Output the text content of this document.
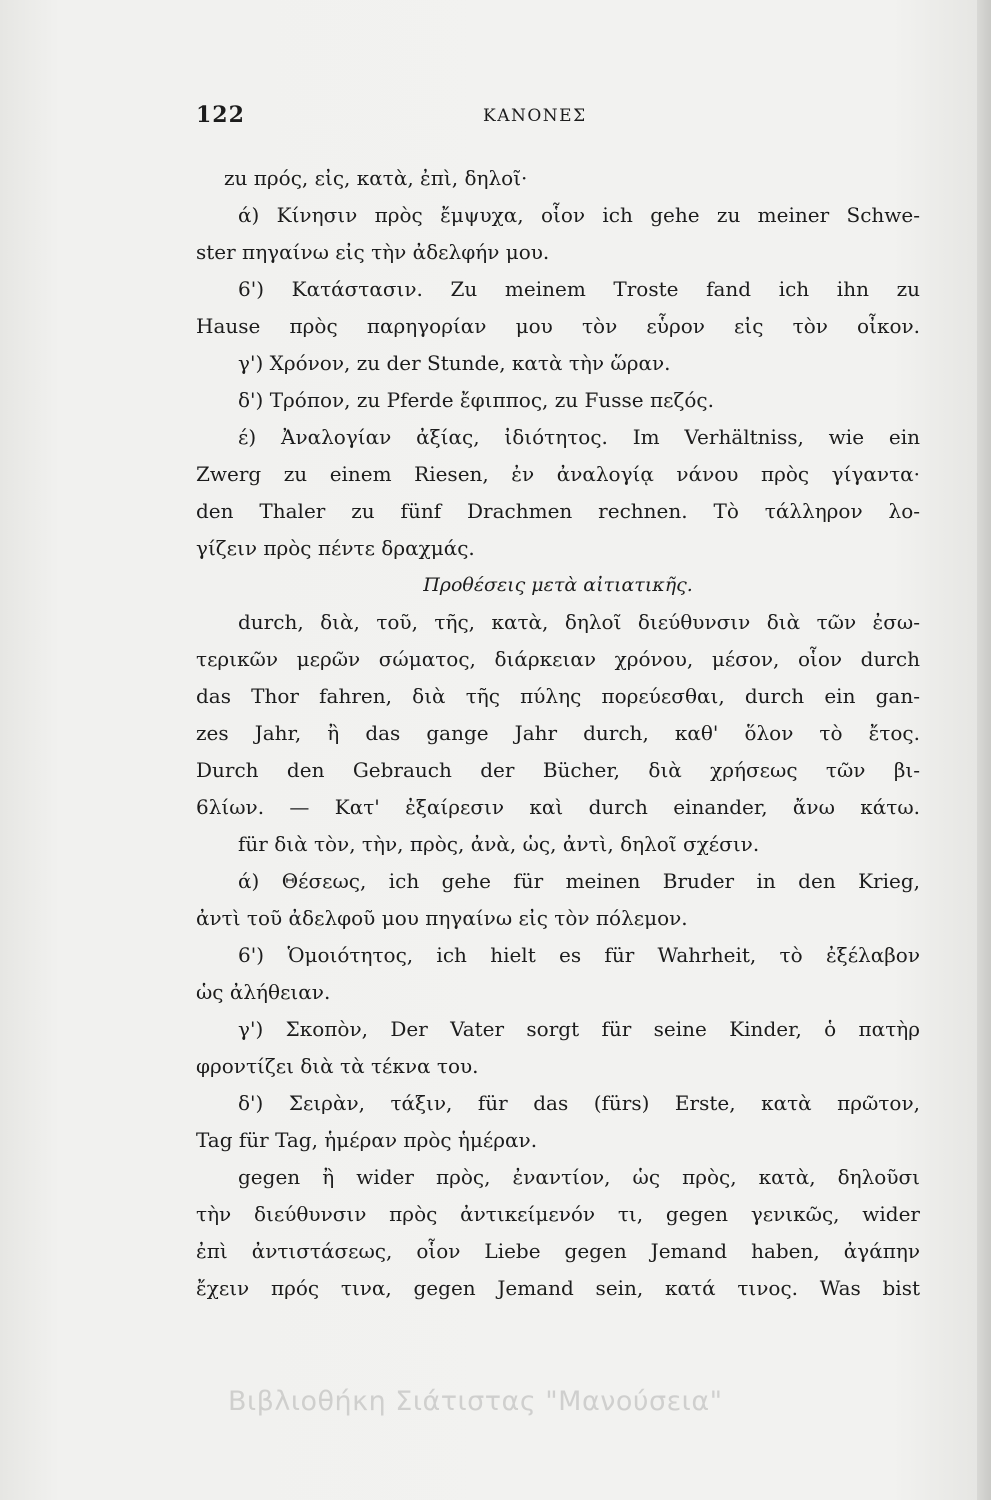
122	ΚΑΝΟΝΕΣ
zu πρός, εἰς, κατὰ, ἐπὶ, δηλοῖ·
ά) Κίνησιν πρὸς ἔμψυχα, οἷον ich gehe zu meiner Schwe-
ster πηγαίνω εἰς τὴν ἀδελφήν μου.
6') Κατάστασιν. Zu meinem Troste fand ich ihn zu
Hause πρὸς παρηγορίαν μου τὸν εὗρον εἰς τὸν οἶκον.
γ') Χρόνον, zu der Stunde, κατὰ τὴν ὥραν.
δ') Τρόπον, zu Pferde ἔφιππος, zu Fusse πεζός.
έ) Ἀναλογίαν ἀξίας, ἰδιότητος. Im Verhältniss, wie ein
Zwerg zu einem Riesen, ἐν ἀναλογίᾳ νάνου πρὸς γίγαντα·
den Thaler zu fünf Drachmen rechnen. Τὸ τάλληρον λο-
γίζειν πρὸς πέντε δραχμάς.
Προθέσεις μετὰ αἰτιατικῆς.
durch, διὰ, τοῦ, τῆς, κατὰ, δηλοῖ διεύθυνσιν διὰ τῶν ἐσω-
τερικῶν μερῶν σώματος, διάρκειαν χρόνου, μέσον, οἷον durch
das Thor fahren, διὰ τῆς πύλης πορεύεσθαι, durch ein gan-
zes Jahr, ἢ das gange Jahr durch, καθ' ὅλον τὸ ἔτος.
Durch den Gebrauch der Bücher, διὰ χρήσεως τῶν βι-
6λίων. — Κατ' ἐξαίρεσιν καὶ durch einander, ἄνω κάτω.
für διὰ τὸν, τὴν, πρὸς, ἀνὰ, ὡς, ἀντὶ, δηλοῖ σχέσιν.
ά) Θέσεως, ich gehe für meinen Bruder in den Krieg,
ἀντὶ τοῦ ἀδελφοῦ μου πηγαίνω εἰς τὸν πόλεμον.
6') Ὁμοιότητος, ich hielt es für Wahrheit, τὸ ἐξέλαβον
ὡς ἀλήθειαν.
γ') Σκοπὸν, Der Vater sorgt für seine Kinder, ὁ πατὴρ
φροντίζει διὰ τὰ τέκνα του.
δ') Σειρὰν, τάξιν, für das (fürs) Erste, κατὰ πρῶτον,
Tag für Tag, ἡμέραν πρὸς ἡμέραν.
gegen ἢ wider πρὸς, ἐναντίον, ὡς πρὸς, κατὰ, δηλοῦσι
τὴν διεύθυνσιν πρὸς ἀντικείμενόν τι, gegen γενικῶς, wider
ἐπὶ ἀντιστάσεως, οἷον Liebe gegen Jemand haben, ἀγάπην
ἔχειν πρός τινα, gegen Jemand sein, κατά τινος. Was bist
Βιβλιοθήκη Σιάτιστας "Μανούσεια"
